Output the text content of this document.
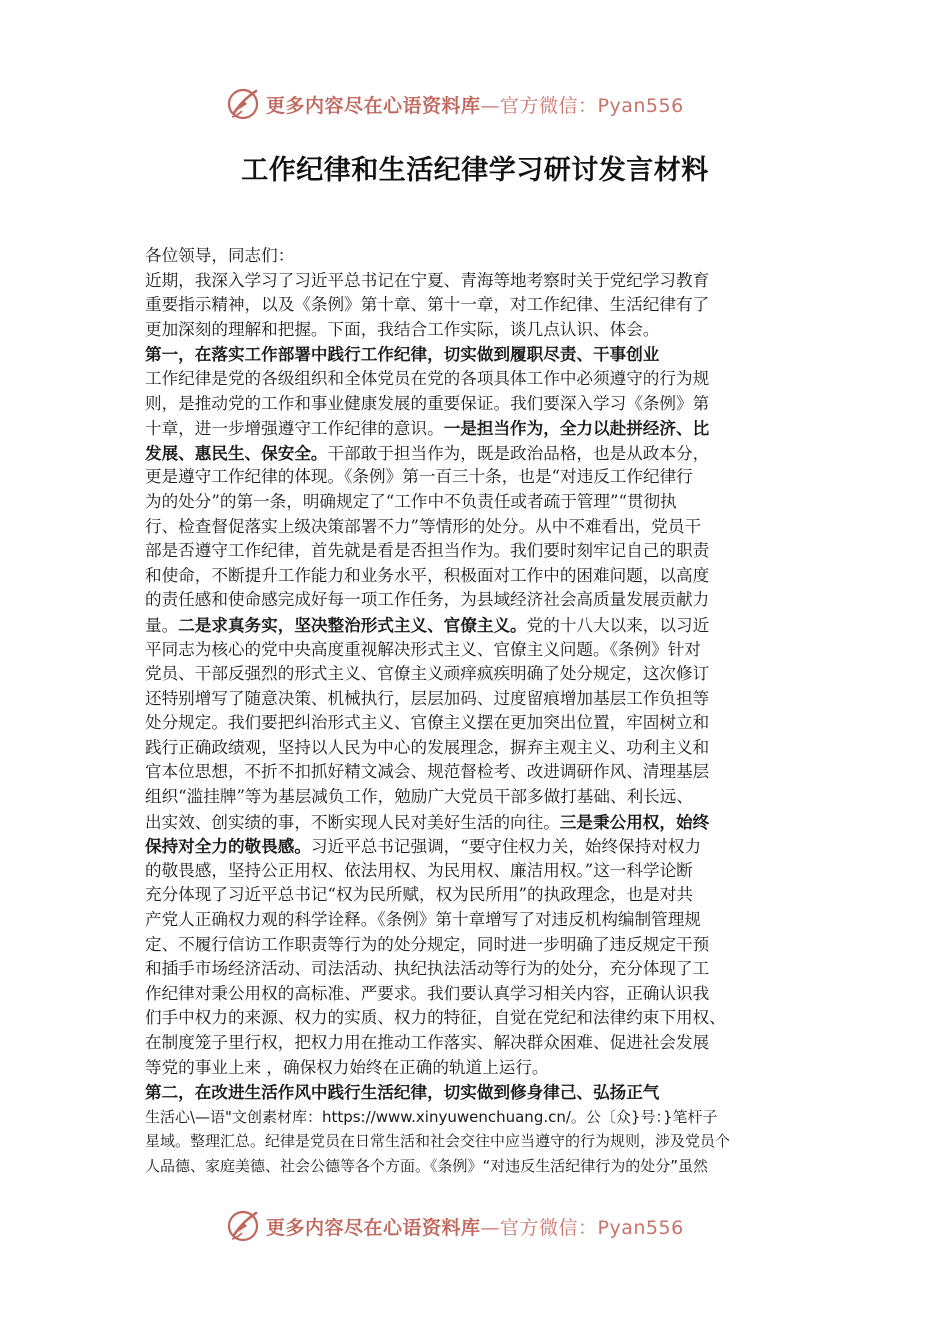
更多内容尽在心语资料库—官方微信：Pyan556
工作纪律和生活纪律学习研讨发言材料
各位领导，同志们：
近期，我深入学习了习近平总书记在宁夏、青海等地考察时关于党纪学习教育
重要指示精神，以及《条例》第十章、第十一章，对工作纪律、生活纪律有了
更加深刻的理解和把握。下面，我结合工作实际，谈几点认识、体会。
第一，在落实工作部署中践行工作纪律，切实做到履职尽责、干事创业
工作纪律是党的各级组织和全体党员在党的各项具体工作中必须遵守的行为规
则，是推动党的工作和事业健康发展的重要保证。我们要深入学习《条例》第
十章，进一步增强遵守工作纪律的意识。一是担当作为，全力以赴拼经济、比
发展、惠民生、保安全。干部敢于担当作为，既是政治品格，也是从政本分，
更是遵守工作纪律的体现。《条例》第一百三十条，也是“对违反工作纪律行
为的处分”的第一条，明确规定了“工作中不负责任或者疏于管理”“贯彻执
行、检查督促落实上级决策部署不力”等情形的处分。从中不难看出，党员干
部是否遵守工作纪律，首先就是看是否担当作为。我们要时刻牢记自己的职责
和使命，不断提升工作能力和业务水平，积极面对工作中的困难问题，以高度
的责任感和使命感完成好每一项工作任务，为县域经济社会高质量发展贡献力
量。二是求真务实，坚决整治形式主义、官僚主义。党的十八大以来，以习近
平同志为核心的党中央高度重视解决形式主义、官僚主义问题。《条例》针对
党员、干部反强烈的形式主义、官僚主义顽痒疯疾明确了处分规定，这次修订
还特别增写了随意决策、机械执行，层层加码、过度留痕增加基层工作负担等
处分规定。我们要把纠治形式主义、官僚主义摆在更加突出位置，牢固树立和
践行正确政绩观，坚持以人民为中心的发展理念，摒弃主观主义、功利主义和
官本位思想，不折不扣抓好精文减会、规范督检考、改进调研作风、清理基层
组织“滥挂牌”等为基层减负工作，勉励广大党员干部多做打基础、利长远、
出实效、创实绩的事，不断实现人民对美好生活的向往。三是秉公用权，始终
保持对全力的敬畏感。习近平总书记强调，“要守住权力关，始终保持对权力
的敬畏感，坚持公正用权、依法用权、为民用权、廉洁用权。”这一科学论断
充分体现了习近平总书记“权为民所赋，权为民所用”的执政理念，也是对共
产党人正确权力观的科学诠释。《条例》第十章增写了对违反机构编制管理规
定、不履行信访工作职责等行为的处分规定，同时进一步明确了违反规定干预
和插手市场经济活动、司法活动、执纪执法活动等行为的处分，充分体现了工
作纪律对秉公用权的高标准、严要求。我们要认真学习相关内容，正确认识我
们手中权力的来源、权力的实质、权力的特征，自觉在党纪和法律约束下用权、
在制度笼子里行权，把权力用在推动工作落实、解决群众困难、促进社会发展
等党的事业上来 ，确保权力始终在正确的轨道上运行。
第二，在改进生活作风中践行生活纪律，切实做到修身律己、弘扬正气
生活心\—语"文创素材库：https://www.xinyuwenchuang.cn/。公〔众}号：}笔杆子
星域。整理汇总。纪律是党员在日常生活和社会交往中应当遵守的行为规则，涉及党员个
人品德、家庭美德、社会公德等各个方面。《条例》“对违反生活纪律行为的处分”虽然
更多内容尽在心语资料库—官方微信：Pyan556
